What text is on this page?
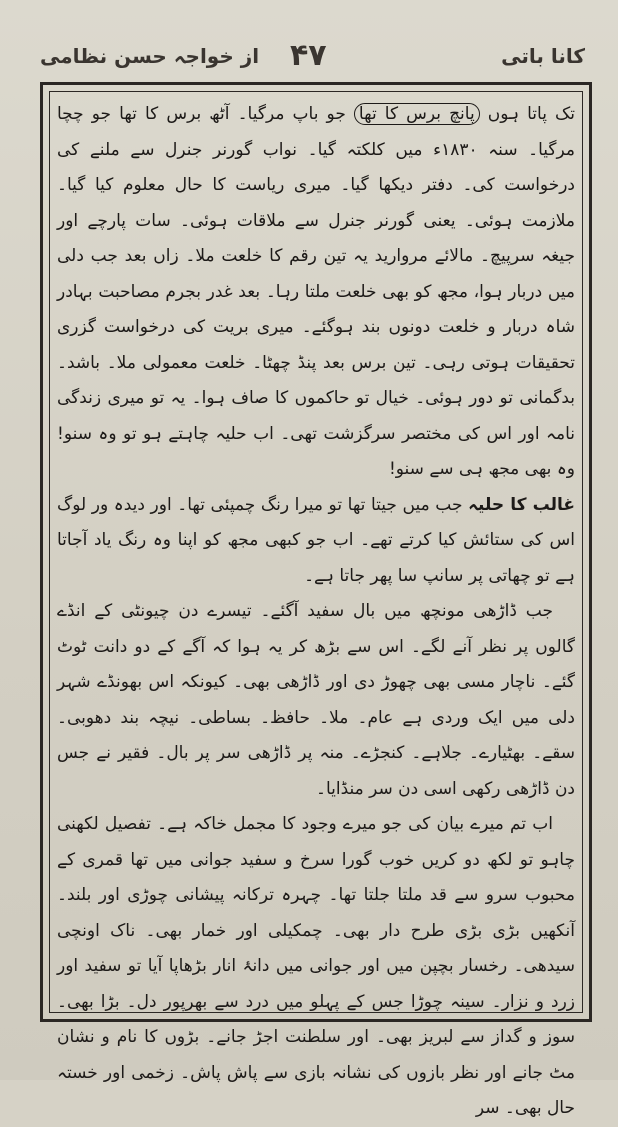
کانا باتی
۴۷
از خواجہ حسن نظامی

تک پاتا ہوں پانچ برس کا تھا جو باپ مرگیا۔ آٹھ برس کا تھا جو چچا مرگیا۔ سنہ ۱۸۳۰ء میں کلکتہ گیا۔ نواب گورنر جنرل سے ملنے کی درخواست کی۔ دفتر دیکھا گیا۔ میری ریاست کا حال معلوم کیا گیا۔ ملازمت ہوئی۔ یعنی گورنر جنرل سے ملاقات ہوئی۔ سات پارچے اور جیغہ سرپیچ۔ مالائے مروارید یہ تین رقم کا خلعت ملا۔ زاں بعد جب دلی میں دربار ہوا، مجھ کو بھی خلعت ملتا رہا۔ بعد غدر بجرم مصاحبت بہادر شاہ دربار و خلعت دونوں بند ہوگئے۔ میری بریت کی درخواست گزری تحقیقات ہوتی رہی۔ تین برس بعد پنڈ چھٹا۔ خلعت معمولی ملا۔ باشد۔ بدگمانی تو دور ہوئی۔ خیال تو حاکموں کا صاف ہوا۔ یہ تو میری زندگی نامہ اور اس کی مختصر سرگزشت تھی۔ اب حلیہ چاہتے ہو تو وہ سنو! وہ بھی مجھ ہی سے سنو!

غالب کا حلیہ جب میں جیتا تھا تو میرا رنگ چمپئی تھا۔ اور دیدہ ور لوگ اس کی ستائش کیا کرتے تھے۔ اب جو کبھی مجھ کو اپنا وہ رنگ یاد آجاتا ہے تو چھاتی پر سانپ سا پھر جاتا ہے۔

جب ڈاڑھی مونچھ میں بال سفید آگئے۔ تیسرے دن چیونٹی کے انڈے گالوں پر نظر آنے لگے۔ اس سے بڑھ کر یہ ہوا کہ آگے کے دو دانت ٹوٹ گئے۔ ناچار مسی بھی چھوڑ دی اور ڈاڑھی بھی۔ کیونکہ اس بھونڈے شہر دلی میں ایک وردی ہے عام۔ ملا۔ حافظ۔ بساطی۔ نیچہ بند دھوبی۔ سقے۔ بھٹیارے۔ جلاہے۔ کنجڑے۔ منہ پر ڈاڑھی سر پر بال۔ فقیر نے جس دن ڈاڑھی رکھی اسی دن سر منڈایا۔

اب تم میرے بیان کی جو میرے وجود کا مجمل خاکہ ہے۔ تفصیل لکھنی چاہو تو لکھ دو کریں خوب گورا سرخ و سفید جوانی میں تھا قمری کے محبوب سرو سے قد ملتا جلتا تھا۔ چہرہ ترکانہ پیشانی چوڑی اور بلند۔ آنکھیں بڑی بڑی طرح دار بھی۔ چمکیلی اور خمار بھی۔ ناک اونچی سیدھی۔ رخسار بچپن میں اور جوانی میں دانۂ انار بڑھاپا آیا تو سفید اور زرد و نزار۔ سینہ چوڑا جس کے پہلو میں درد سے بھرپور دل۔ بڑا بھی۔ سوز و گداز سے لبریز بھی۔ اور سلطنت اجڑ جانے۔ بڑوں کا نام و نشان مٹ جانے اور نظر بازوں کی نشانہ بازی سے پاش پاش۔ زخمی اور خستہ حال بھی۔ سر
